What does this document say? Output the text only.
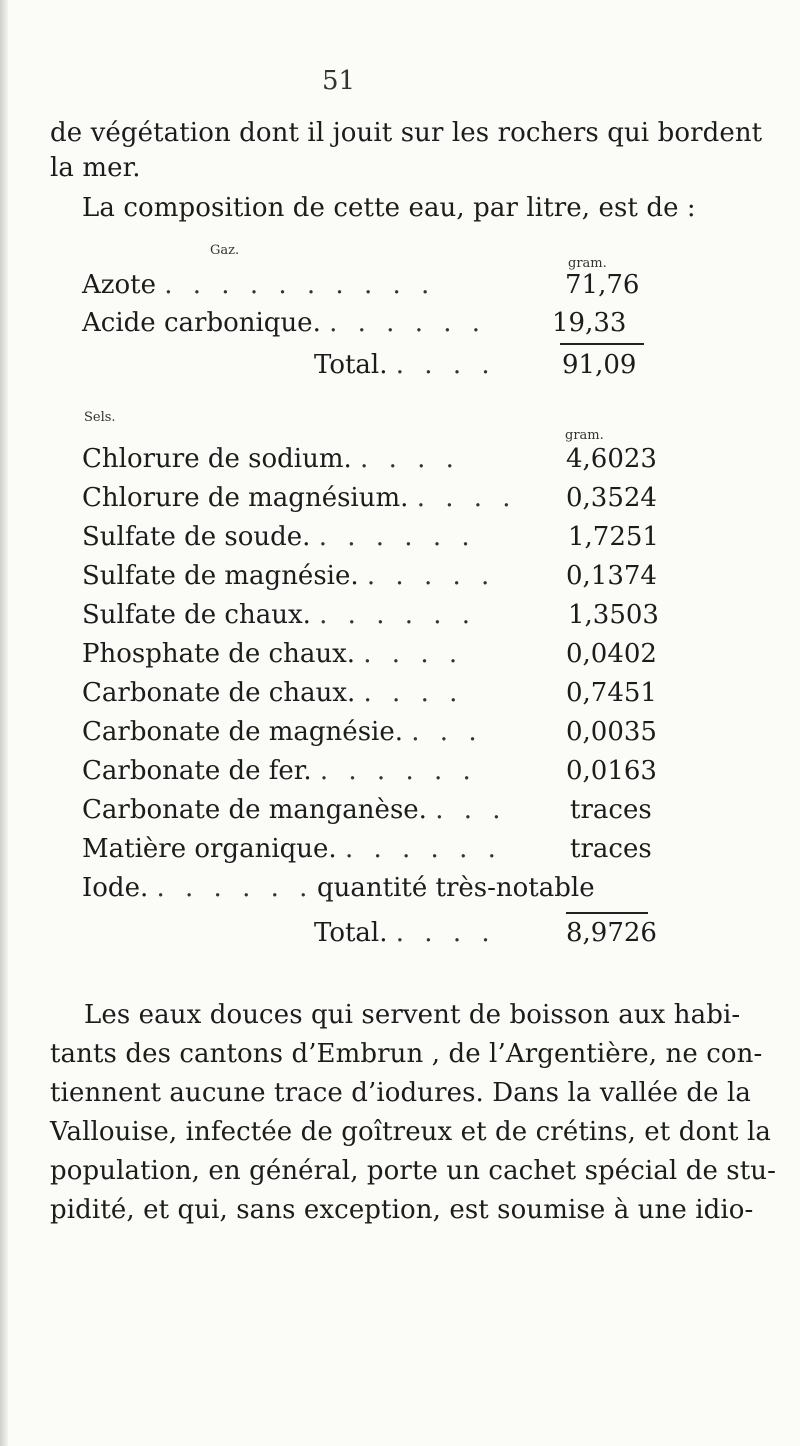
51
de végétation dont il jouit sur les rochers qui bordent
la mer.
La composition de cette eau, par litre, est de :
Gaz.
gram.
Azote . . . . . . . . . .	71,76
Acide carbonique. . . . . . .	19,33
Total. . . . .	91,09
Sels.
gram.
Chlorure de sodium. . . . .	4,6023
Chlorure de magnésium. . . . . 0,3524
Sulfate de soude. . . . . . .	1,7251
Sulfate de magnésie. . . . . .	0,1374
Sulfate de chaux. . . . . . .	1,3503
Phosphate de chaux. . . . .	0,0402
Carbonate de chaux. . . . .	0,7451
Carbonate de magnésie. . . .	0,0035
Carbonate de fer. . . . . . .	0,0163
Carbonate de manganèse. . . . traces
Matière organique. . . . . . .	traces
Iode. . . . . . . quantité très-notable
Total. . . . .	8,9726
Les eaux douces qui servent de boisson aux habi-
tants des cantons d’Embrun , de l’Argentière, ne con-
tiennent aucune trace d’iodures. Dans la vallée de la
Vallouise, infectée de goîtreux et de crétins, et dont la
population, en général, porte un cachet spécial de stu-
pidité, et qui, sans exception, est soumise à une idio-
